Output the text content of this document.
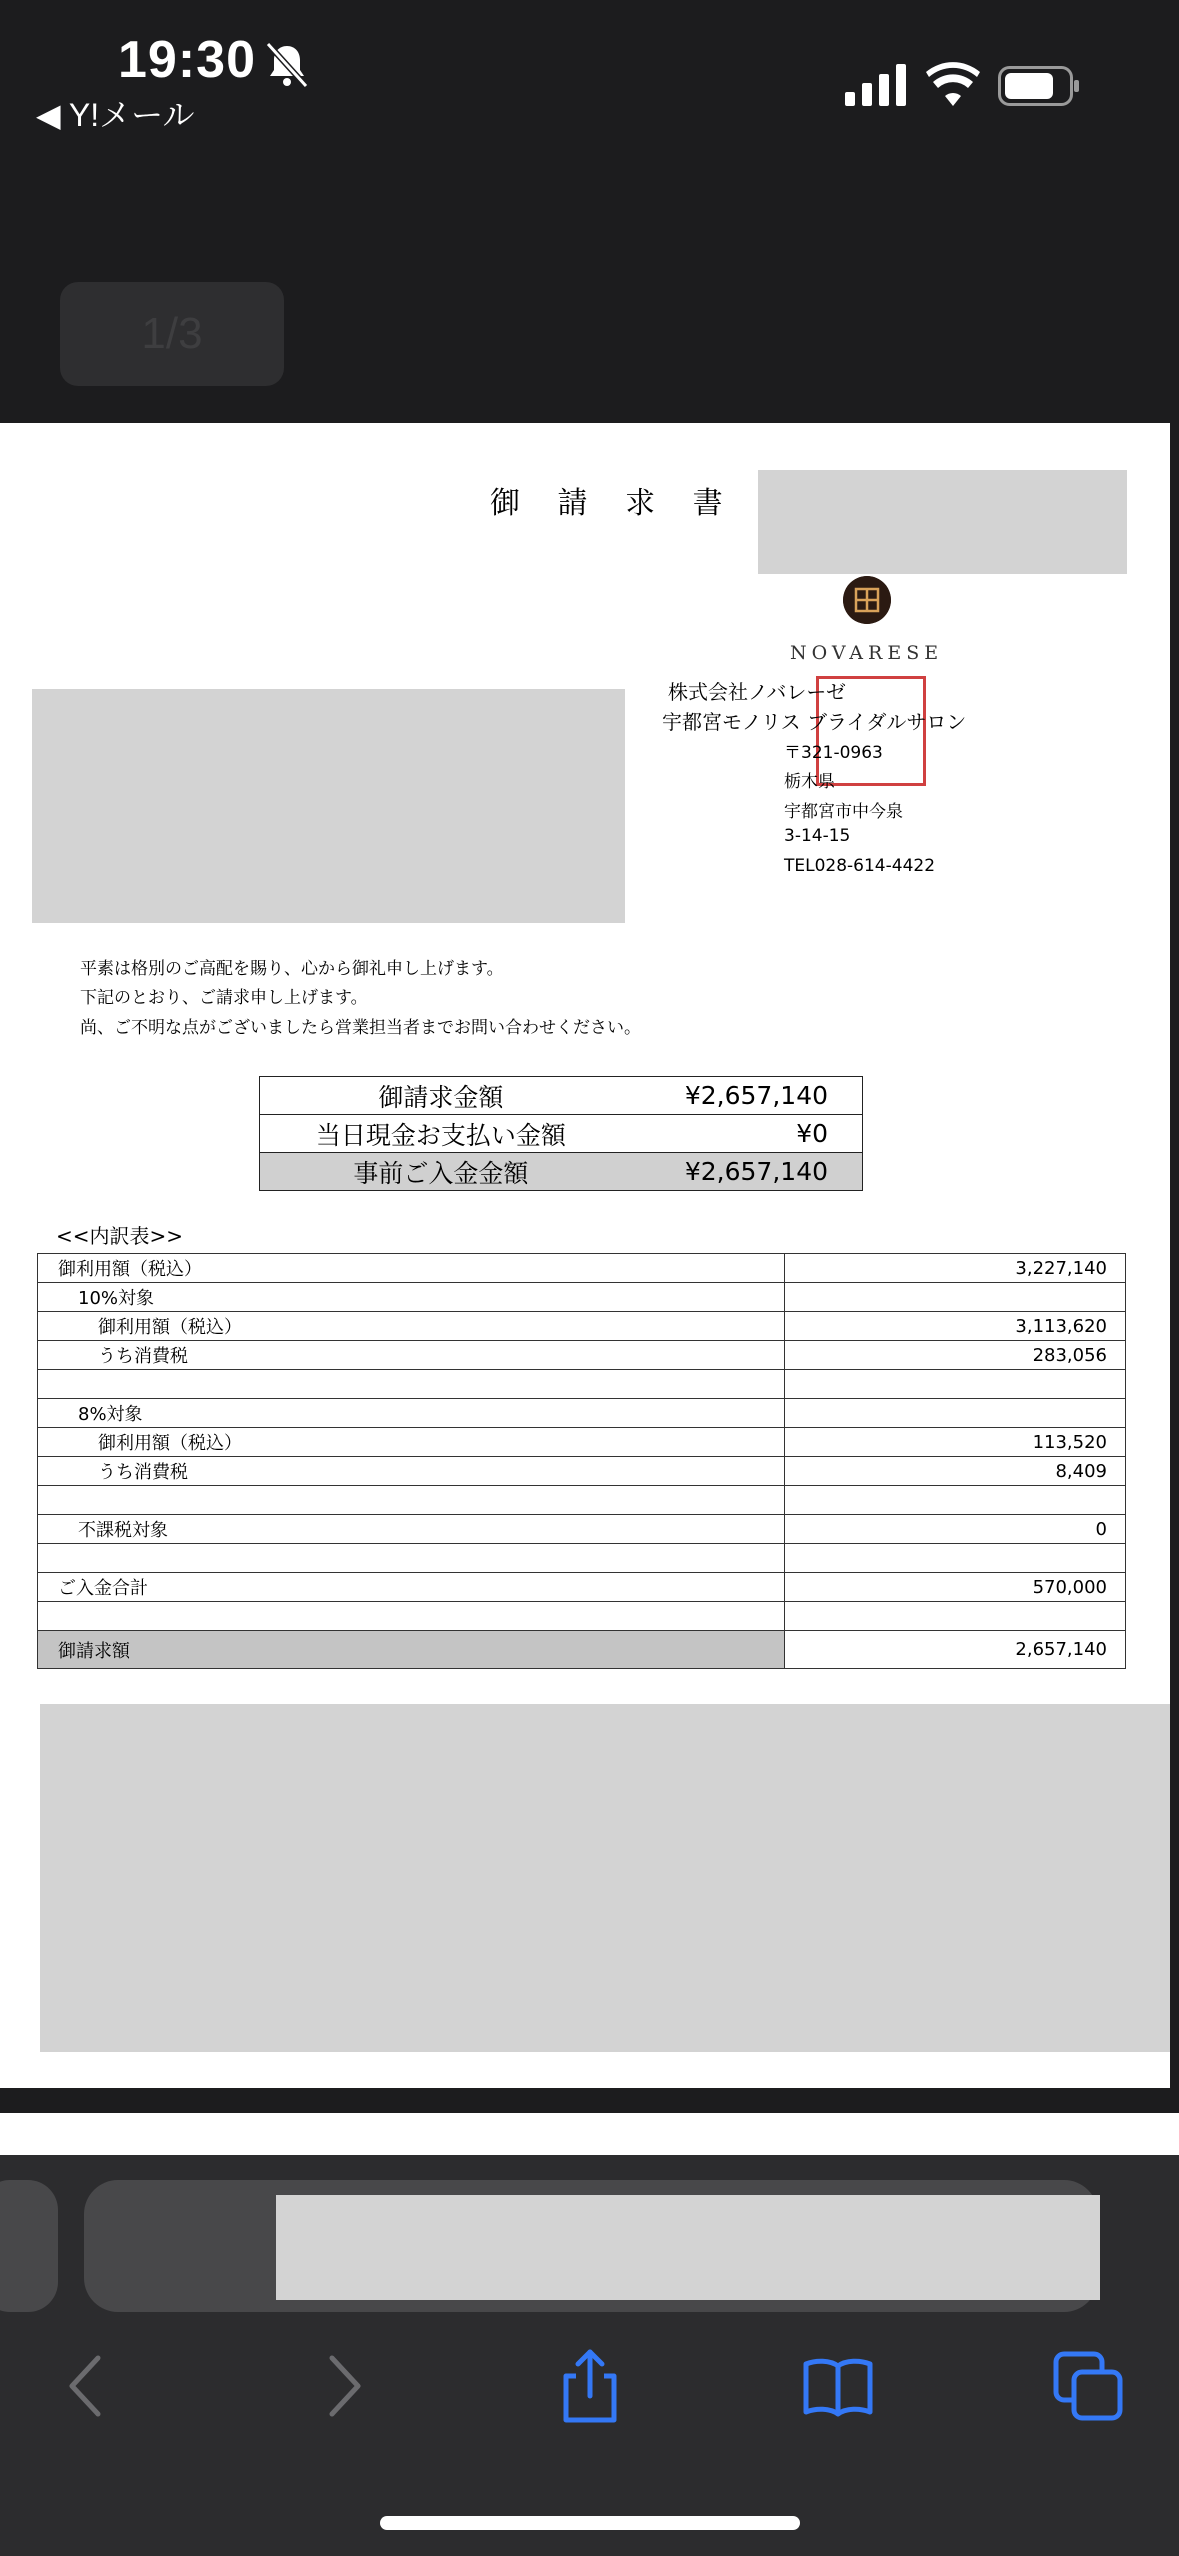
19:30
◀ Y!メール
1/3
御 請 求 書
NOVARESE
株式会社ノバレーゼ
宇都宮モノリス ブライダルサロン
〒321-0963
栃木県
宇都宮市中今泉
3-14-15
TEL028-614-4422
平素は格別のご高配を賜り、心から御礼申し上げます。
下記のとおり、ご請求申し上げます。
尚、ご不明な点がございましたら営業担当者までお問い合わせください。
御請求金額	¥2,657,140
当日現金お支払い金額	¥0
事前ご入金金額	¥2,657,140
<<内訳表>>
御利用額（税込）	3,227,140
10%対象	
御利用額（税込）	3,113,620
うち消費税	283,056

8%対象	
御利用額（税込）	113,520
うち消費税	8,409

不課税対象	0

ご入金合計	570,000

御請求額	2,657,140
